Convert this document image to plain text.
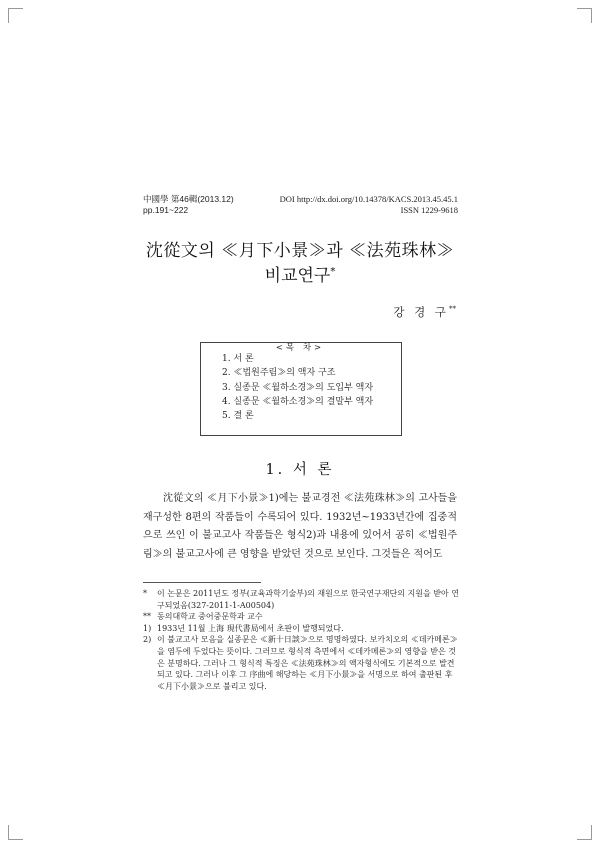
中國學 第46輯(2013.12)
pp.191~222
DOI http://dx.doi.org/10.14378/KACS.2013.45.45.1
ISSN 1229-9618
沈從文의 ≪月下小景≫과 ≪法苑珠林≫
비교연구*
강 경 구**
<목 차>
1. 서 론
2. ≪법원주림≫의 액자 구조
3. 실종문 ≪월하소경≫의 도입부 액자
4. 실종문 ≪월하소경≫의 결말부 액자
5. 결 론
1. 서 론

沈從文의 ≪月下小景≫1)에는 불교경전 ≪法苑珠林≫의 고사들을 재구성한 8편의 작품들이 수록되어 있다. 1932년~1933년간에 집중적으로 쓰인 이 불교고사 작품들은 형식2)과 내용에 있어서 공히 ≪법원주림≫의 불교고사에 큰 영향을 받았던 것으로 보인다. 그것들은 적어도

* 이 논문은 2011년도 정부(교육과학기술부)의 재원으로 한국연구재단의 지원을 받아 연구되었음(327-2011-1-A00504)
** 동의대학교 중어중문학과 교수
1) 1933년 11월 上海 現代書局에서 초판이 발행되었다.
2) 이 불교고사 모음을 실종문은 ≪新十日談≫으로 명명하였다. 보카치오의 ≪데카메론≫을 염두에 두었다는 뜻이다. 그러므로 형식적 측면에서 ≪데카메론≫의 영향을 받은 것은 분명하다. 그러나 그 형식적 특징은 ≪法苑珠林≫의 액자형식에도 기본적으로 발견되고 있다. 그러나 이후 그 序曲에 해당하는 ≪月下小景≫을 서명으로 하여 출판된 후 ≪月下小景≫으로 불리고 있다.
